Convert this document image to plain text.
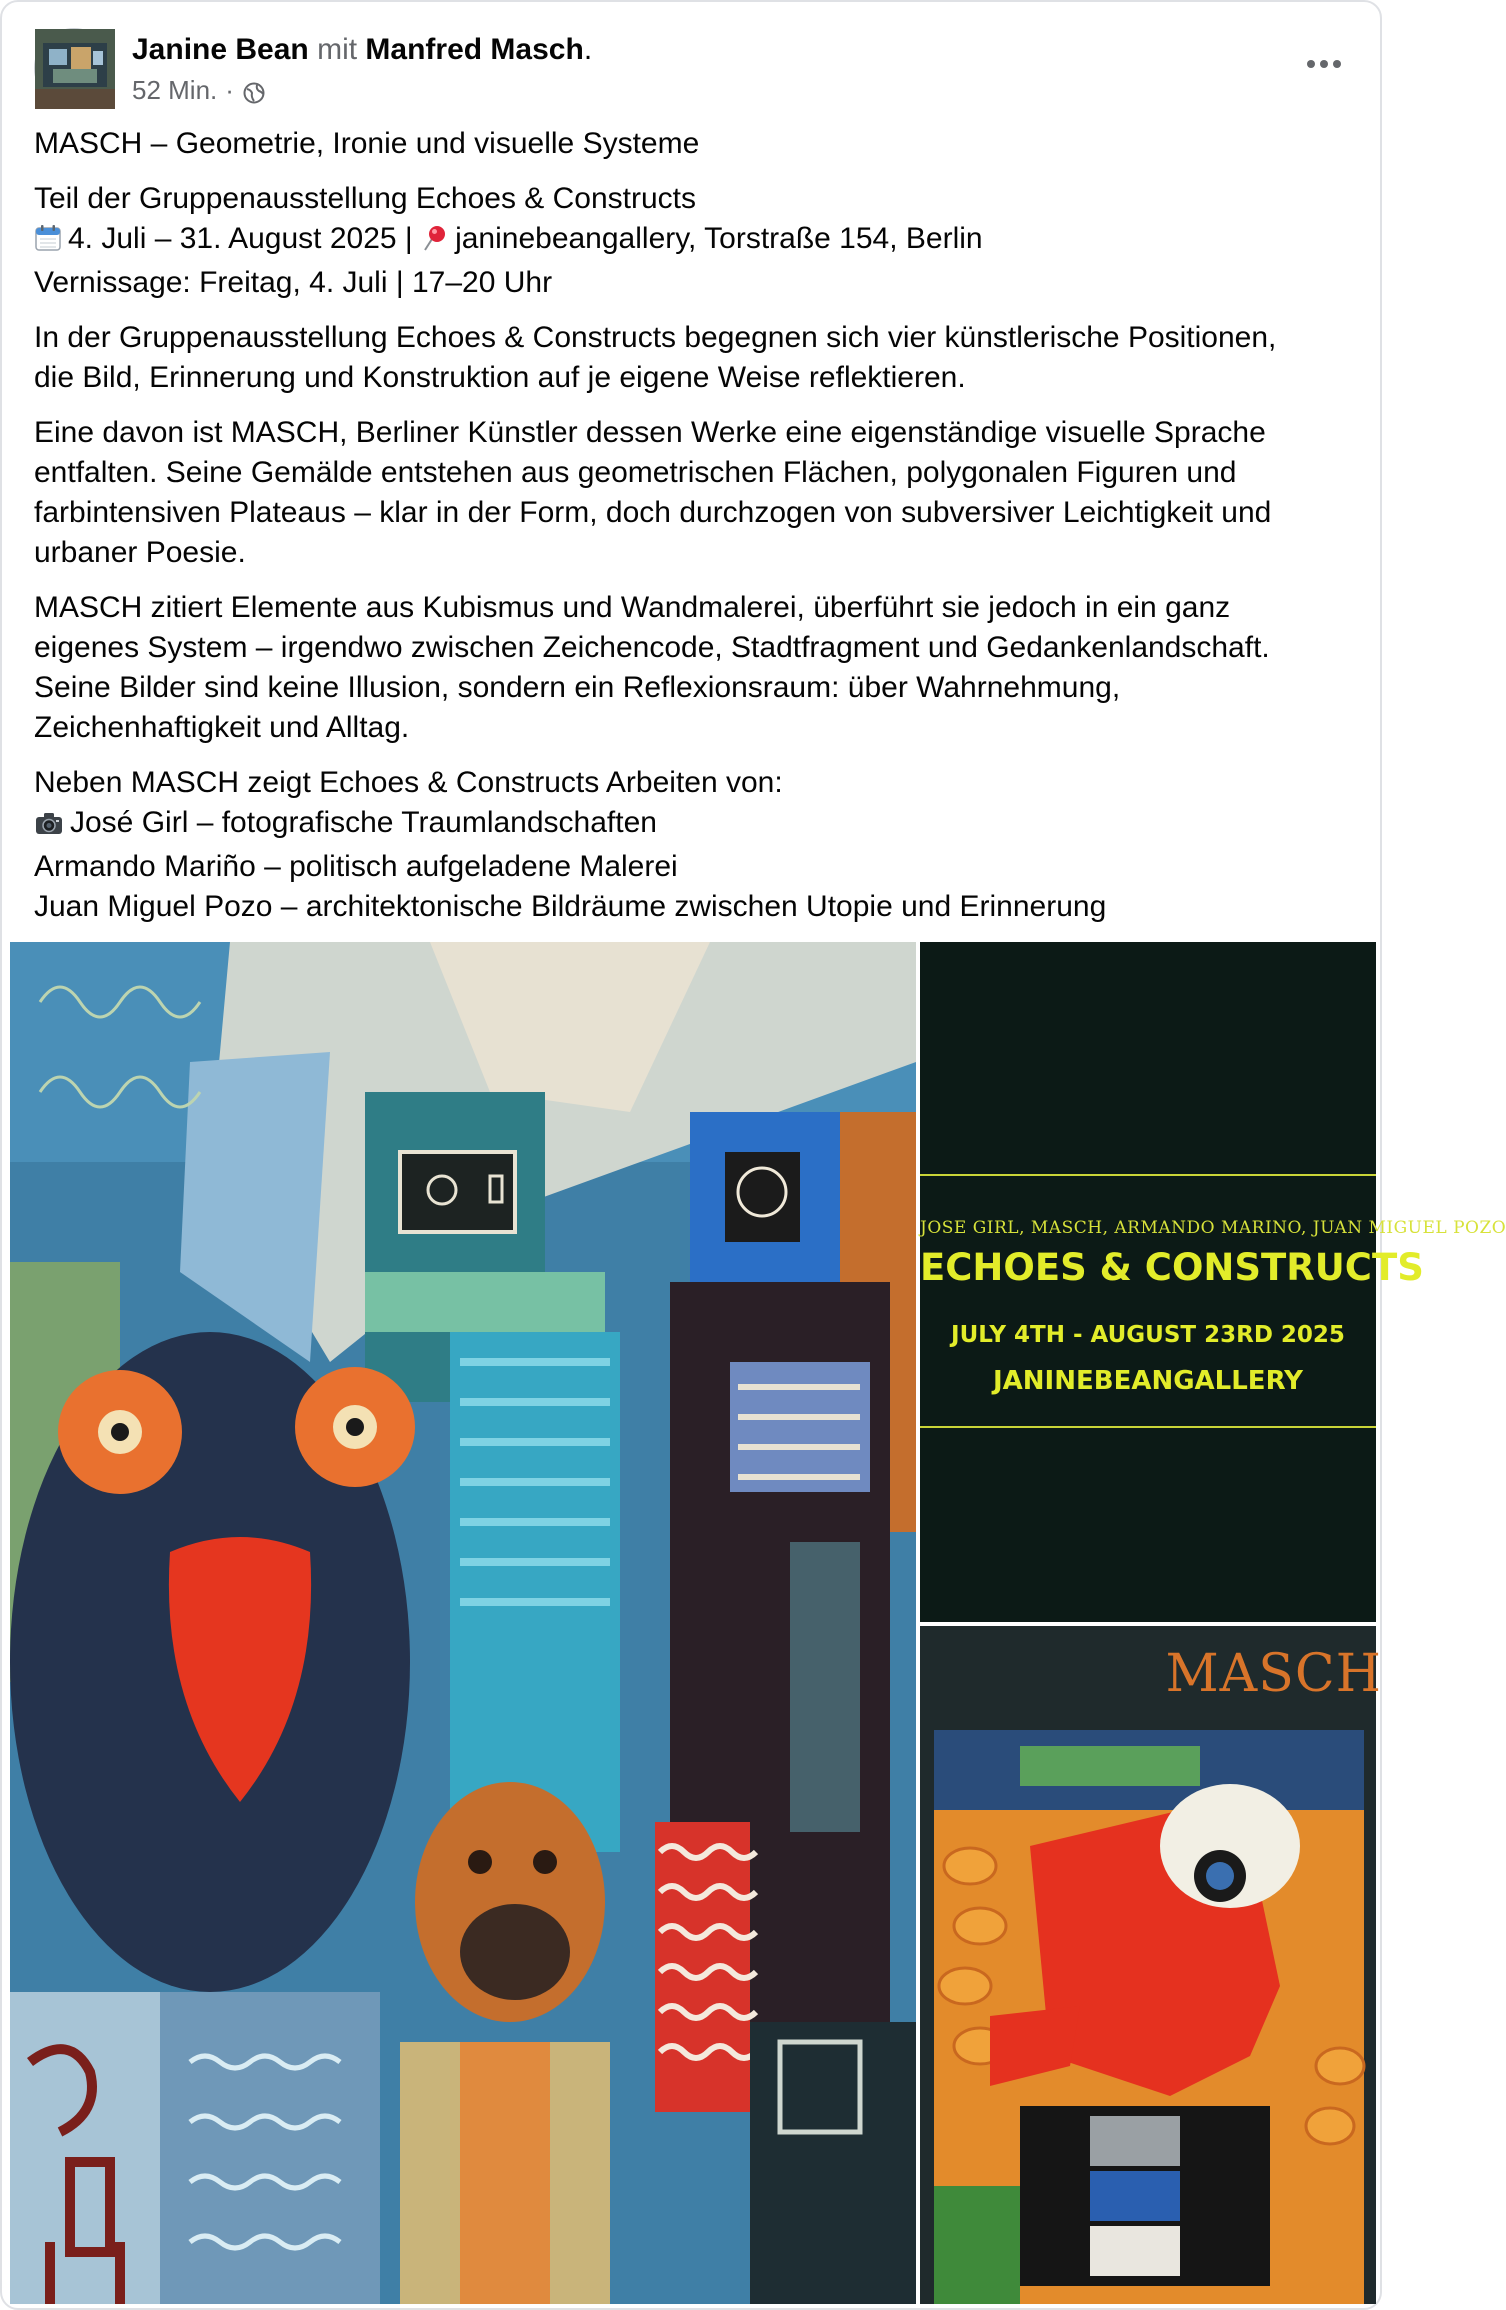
Janine Bean mit Manfred Masch.
52 Min. ·

MASCH – Geometrie, Ironie und visuelle Systeme

Teil der Gruppenausstellung Echoes & Constructs
4. Juli – 31. August 2025 | janinebeangallery, Torstraße 154, Berlin
Vernissage: Freitag, 4. Juli | 17–20 Uhr

In der Gruppenausstellung Echoes & Constructs begegnen sich vier künstlerische Positionen,
die Bild, Erinnerung und Konstruktion auf je eigene Weise reflektieren.

Eine davon ist MASCH, Berliner Künstler dessen Werke eine eigenständige visuelle Sprache
entfalten. Seine Gemälde entstehen aus geometrischen Flächen, polygonalen Figuren und
farbintensiven Plateaus – klar in der Form, doch durchzogen von subversiver Leichtigkeit und
urbaner Poesie.

MASCH zitiert Elemente aus Kubismus und Wandmalerei, überführt sie jedoch in ein ganz
eigenes System – irgendwo zwischen Zeichencode, Stadtfragment und Gedankenlandschaft.
Seine Bilder sind keine Illusion, sondern ein Reflexionsraum: über Wahrnehmung,
Zeichenhaftigkeit und Alltag.

Neben MASCH zeigt Echoes & Constructs Arbeiten von:
José Girl – fotografische Traumlandschaften
Armando Mariño – politisch aufgeladene Malerei
Juan Miguel Pozo – architektonische Bildräume zwischen Utopie und Erinnerung

JOSE GIRL, MASCH, ARMANDO MARINO, JUAN MIGUEL POZO
ECHOES & CONSTRUCTS
JULY 4TH - AUGUST 23RD 2025
JANINEBEANGALLERY
MASCH
